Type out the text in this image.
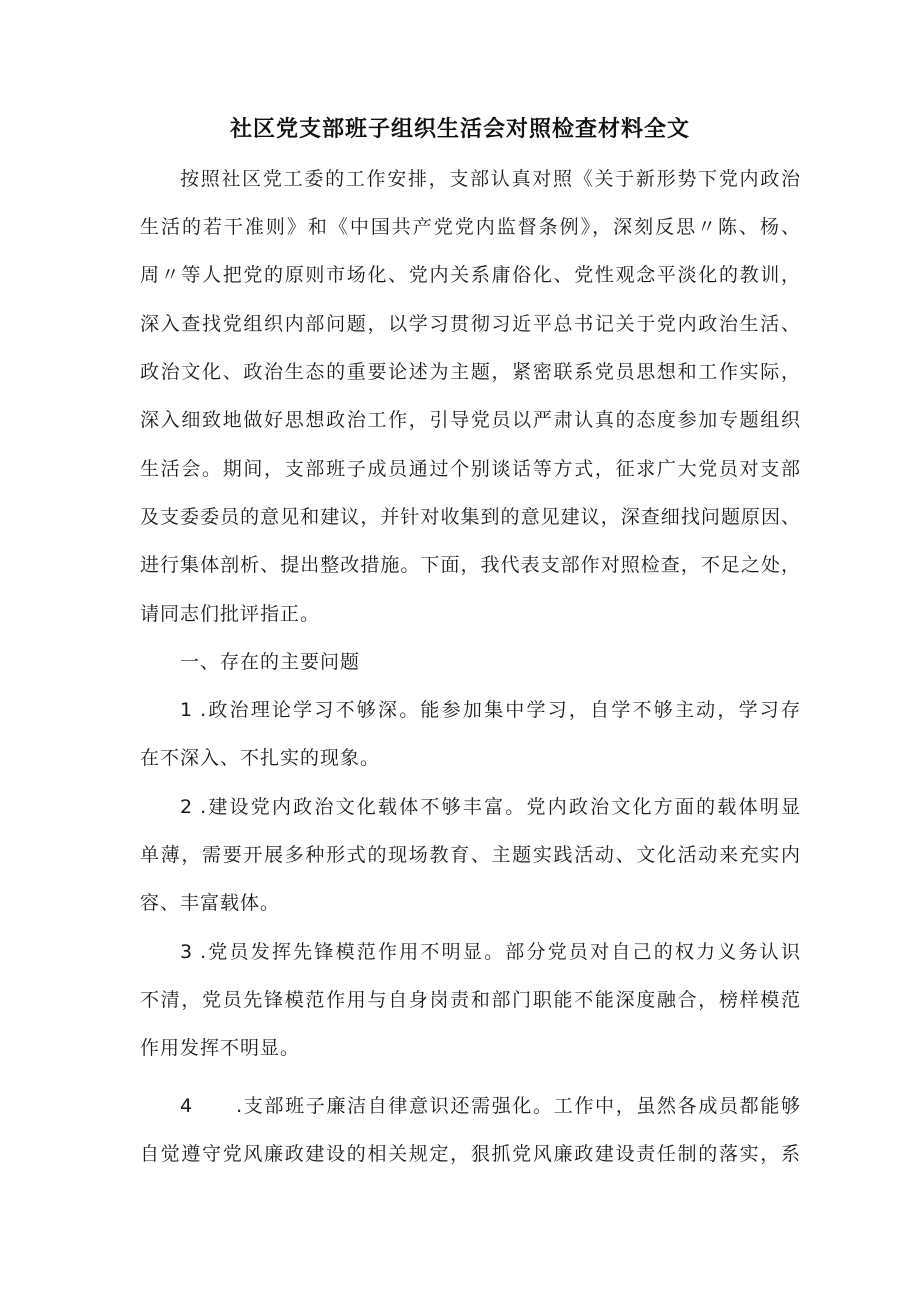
社区党支部班子组织生活会对照检查材料全文
按照社区党工委的工作安排，支部认真对照《关于新形势下党内政治
生活的若干准则》和《中国共产党党内监督条例》，深刻反思〃陈、杨、
周〃等人把党的原则市场化、党内关系庸俗化、党性观念平淡化的教训，
深入查找党组织内部问题，以学习贯彻习近平总书记关于党内政治生活、
政治文化、政治生态的重要论述为主题，紧密联系党员思想和工作实际，
深入细致地做好思想政治工作，引导党员以严肃认真的态度参加专题组织
生活会。期间，支部班子成员通过个别谈话等方式，征求广大党员对支部
及支委委员的意见和建议，并针对收集到的意见建议，深查细找问题原因、
进行集体剖析、提出整改措施。下面，我代表支部作对照检查，不足之处，
请同志们批评指正。
一、存在的主要问题
1 .政治理论学习不够深。能参加集中学习，自学不够主动，学习存
在不深入、不扎实的现象。
2 .建设党内政治文化载体不够丰富。党内政治文化方面的载体明显
单薄，需要开展多种形式的现场教育、主题实践活动、文化活动来充实内
容、丰富载体。
3 .党员发挥先锋模范作用不明显。部分党员对自己的权力义务认识
不清，党员先锋模范作用与自身岗责和部门职能不能深度融合，榜样模范
作用发挥不明显。
4 .支部班子廉洁自律意识还需强化。工作中，虽然各成员都能够
自觉遵守党风廉政建设的相关规定，狠抓党风廉政建设责任制的落实，系
